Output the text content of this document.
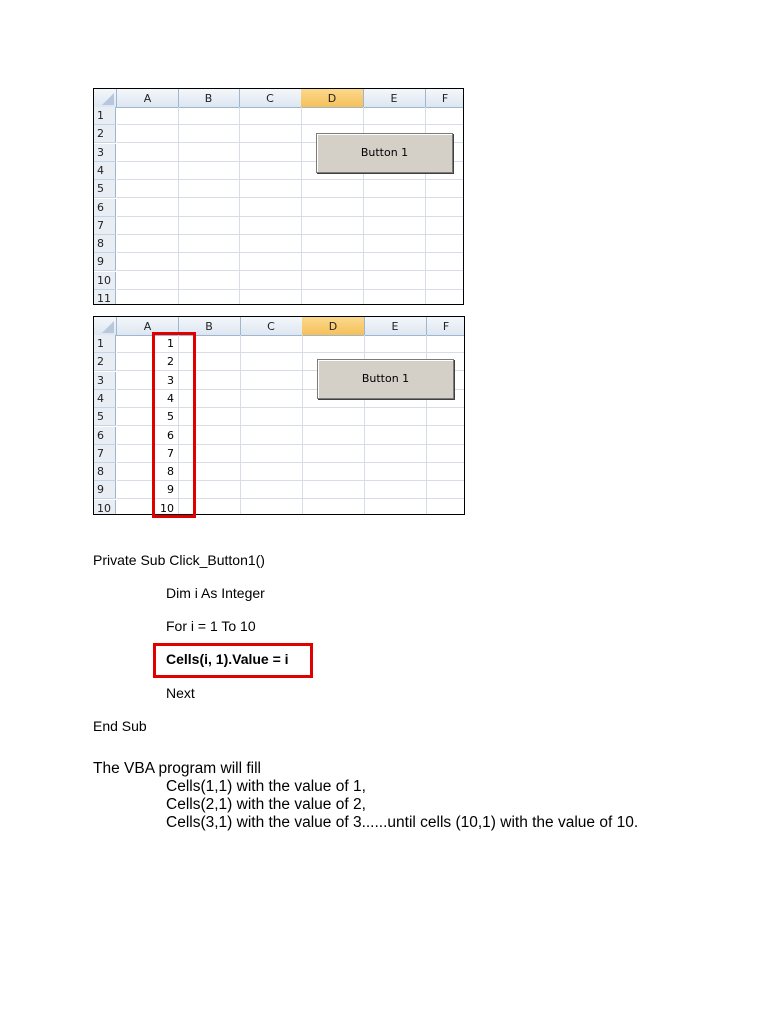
A	B	C	D	E	F
1
2
3
4
5
6
7
8
9
10
11
Button 1
A	B	C	D	E	F
1	1
2	2
3	3
4	4
5	5
6	6
7	7
8	8
9	9
10	10
Button 1
Private Sub Click_Button1()
Dim i As Integer
For i = 1 To 10
Cells(i, 1).Value = i
Next
End Sub
The VBA program will fill
Cells(1,1) with the value of 1,
Cells(2,1) with the value of 2,
Cells(3,1) with the value of 3......until cells (10,1) with the value of 10.
